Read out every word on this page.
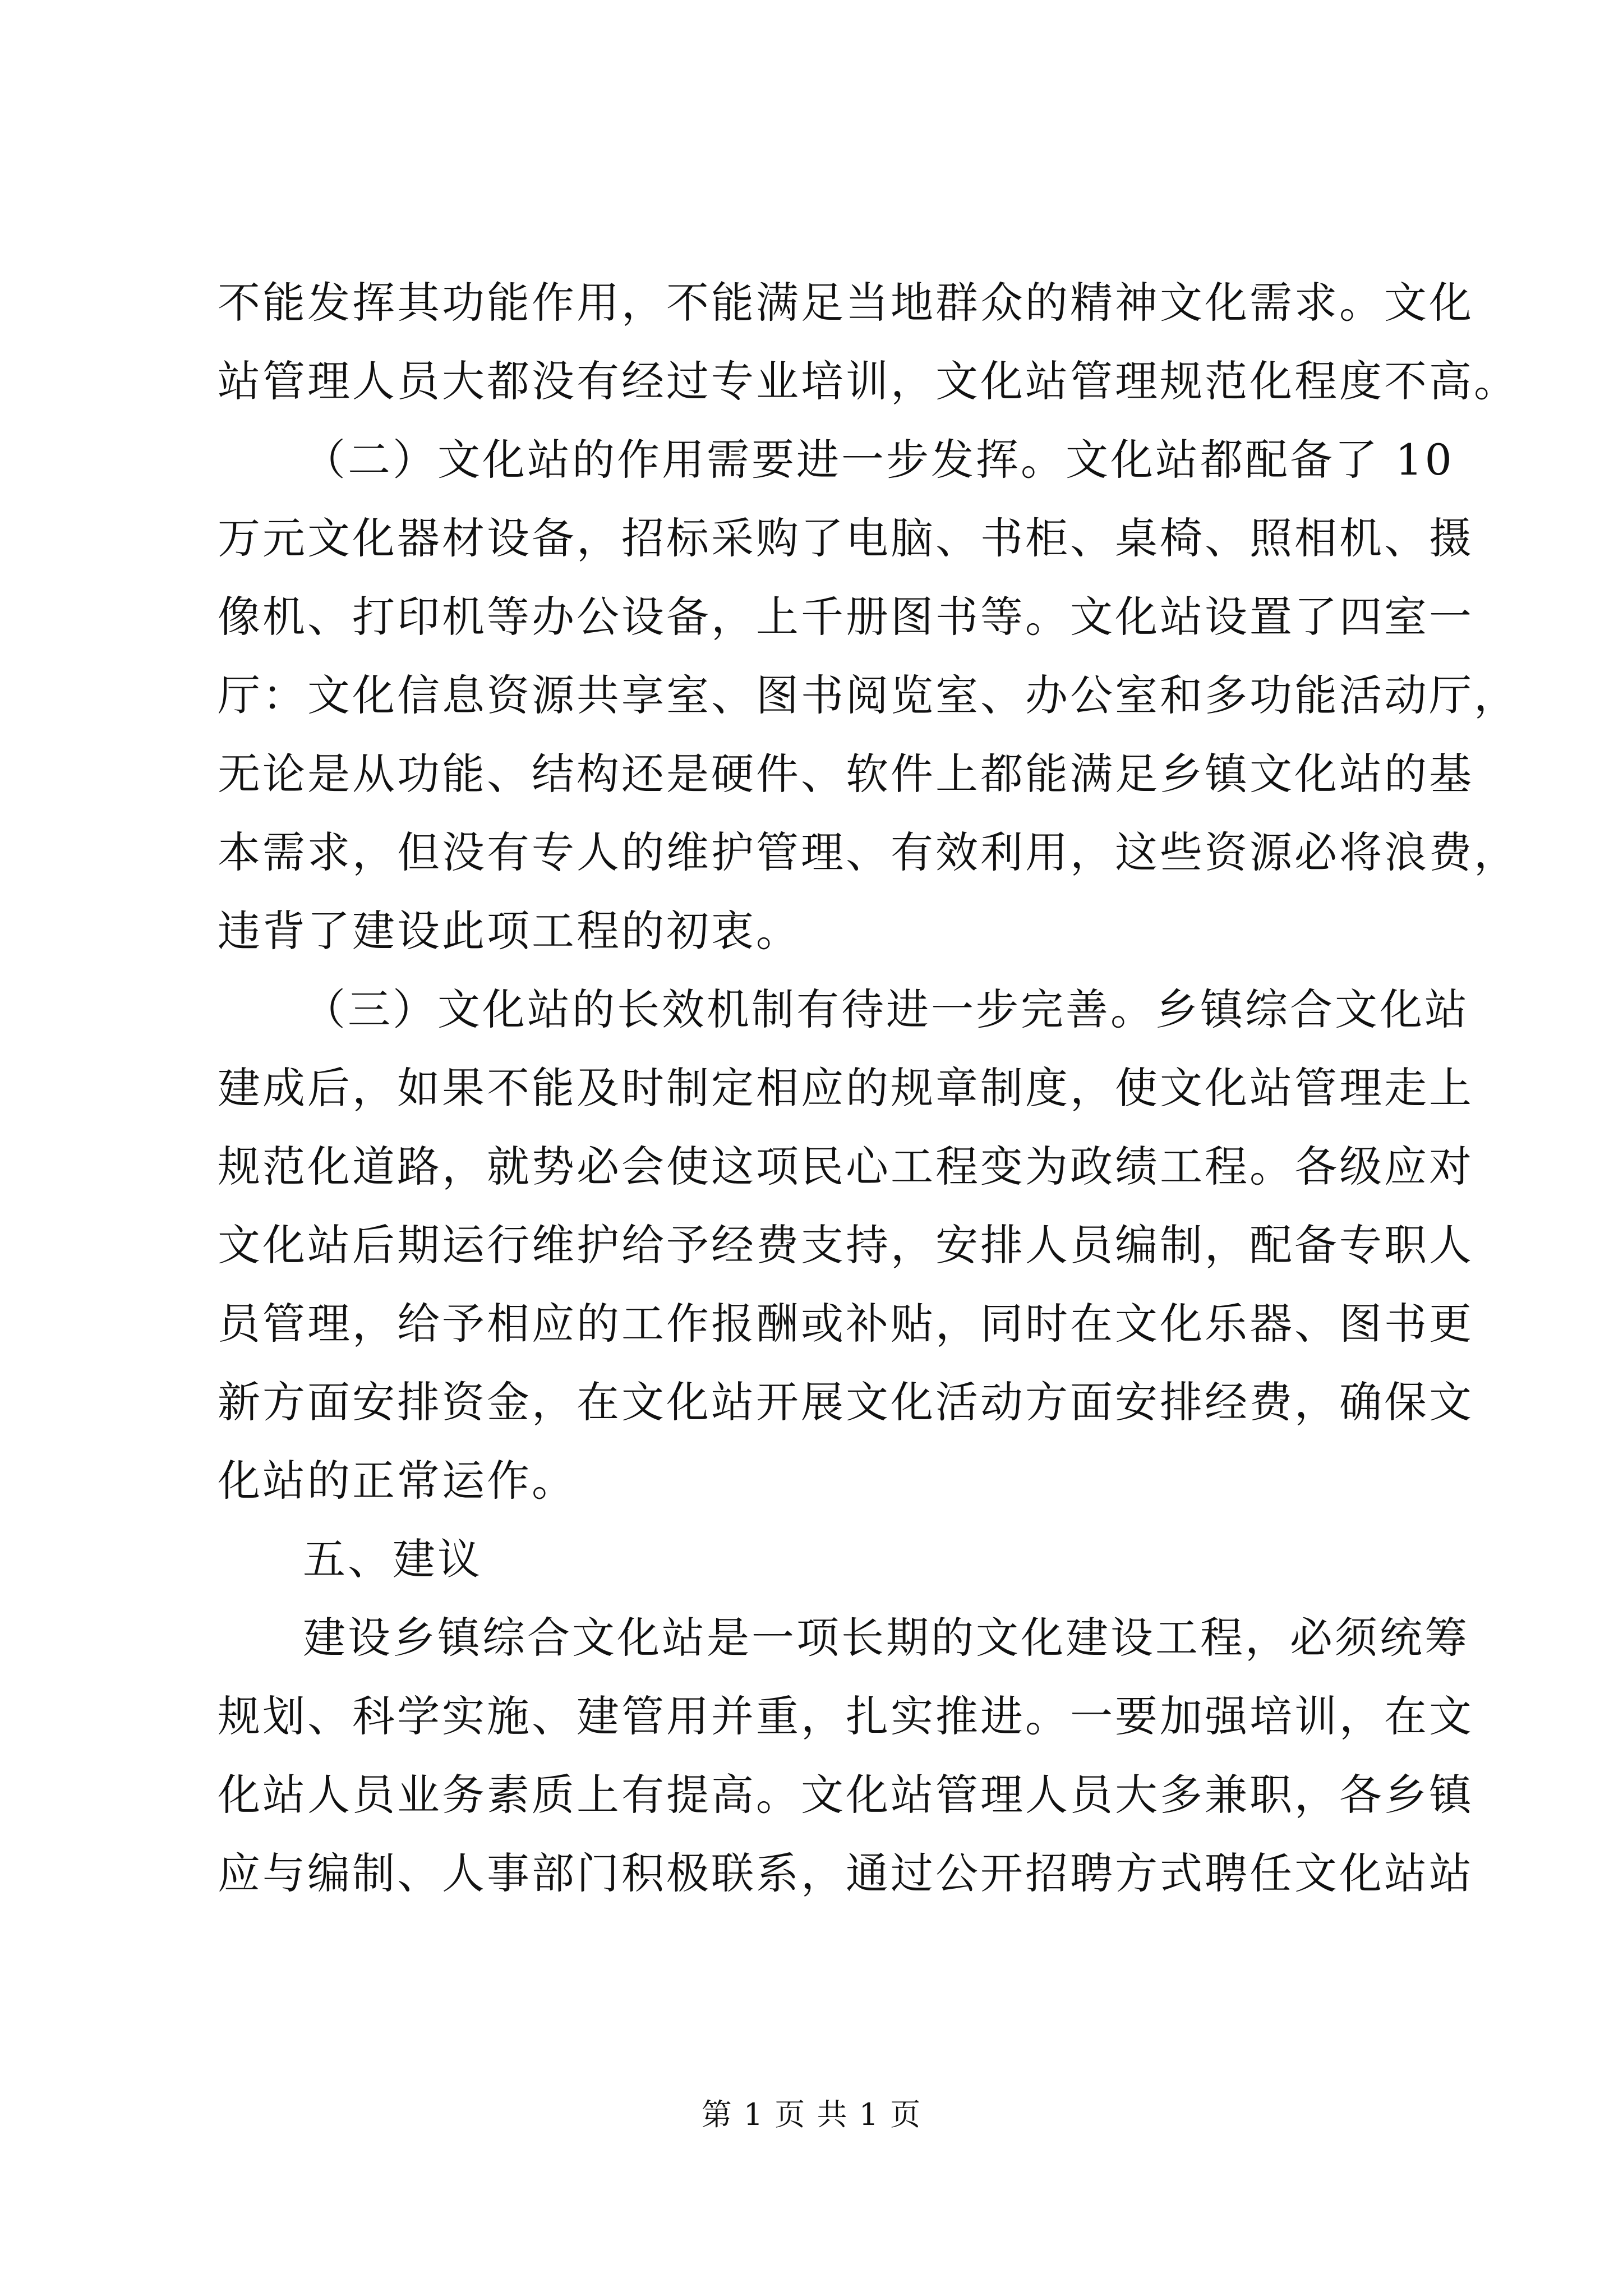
不能发挥其功能作用，不能满足当地群众的精神文化需求。文化
站管理人员大都没有经过专业培训，文化站管理规范化程度不高。
（二）文化站的作用需要进一步发挥。文化站都配备了 10
万元文化器材设备，招标采购了电脑、书柜、桌椅、照相机、摄
像机、打印机等办公设备，上千册图书等。文化站设置了四室一
厅：文化信息资源共享室、图书阅览室、办公室和多功能活动厅，
无论是从功能、结构还是硬件、软件上都能满足乡镇文化站的基
本需求，但没有专人的维护管理、有效利用，这些资源必将浪费，
违背了建设此项工程的初衷。
（三）文化站的长效机制有待进一步完善。乡镇综合文化站
建成后，如果不能及时制定相应的规章制度，使文化站管理走上
规范化道路，就势必会使这项民心工程变为政绩工程。各级应对
文化站后期运行维护给予经费支持，安排人员编制，配备专职人
员管理，给予相应的工作报酬或补贴，同时在文化乐器、图书更
新方面安排资金，在文化站开展文化活动方面安排经费，确保文
化站的正常运作。
五、建议
建设乡镇综合文化站是一项长期的文化建设工程，必须统筹
规划、科学实施、建管用并重，扎实推进。一要加强培训，在文
化站人员业务素质上有提高。文化站管理人员大多兼职，各乡镇
应与编制、人事部门积极联系，通过公开招聘方式聘任文化站站
第 1 页 共 1 页
